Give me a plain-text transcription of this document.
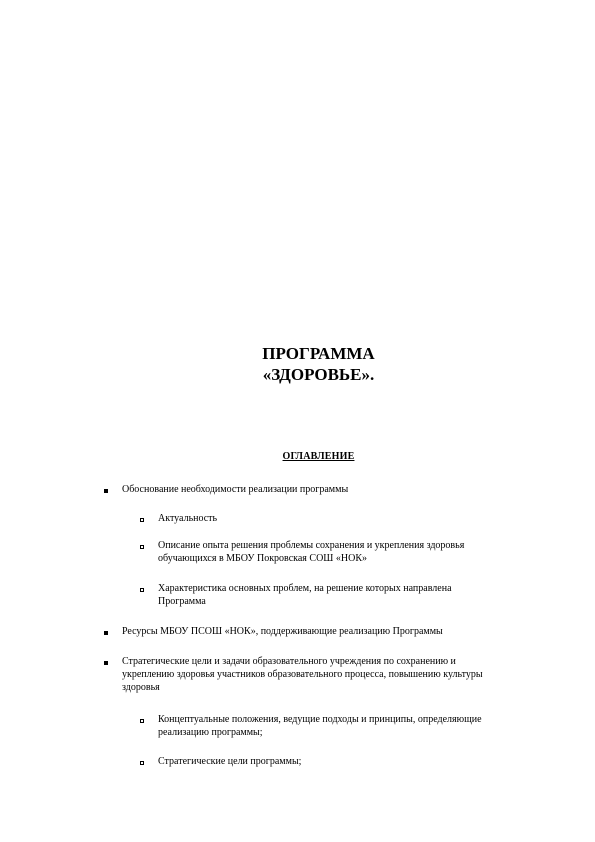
ПРОГРАММА
«ЗДОРОВЬЕ».
ОГЛАВЛЕНИЕ
Обоснование необходимости реализации программы
Актуальность
Описание опыта решения проблемы сохранения и укрепления здоровья
обучающихся в МБОУ Покровская СОШ «НОК»
Характеристика основных проблем, на решение которых направлена
Программа
Ресурсы МБОУ ПСОШ «НОК», поддерживающие реализацию Программы
Стратегические цели и задачи образовательного учреждения по сохранению и
укреплению здоровья участников образовательного процесса, повышению культуры
здоровья
Концептуальные положения, ведущие подходы и принципы, определяющие
реализацию программы;
Стратегические цели программы;
